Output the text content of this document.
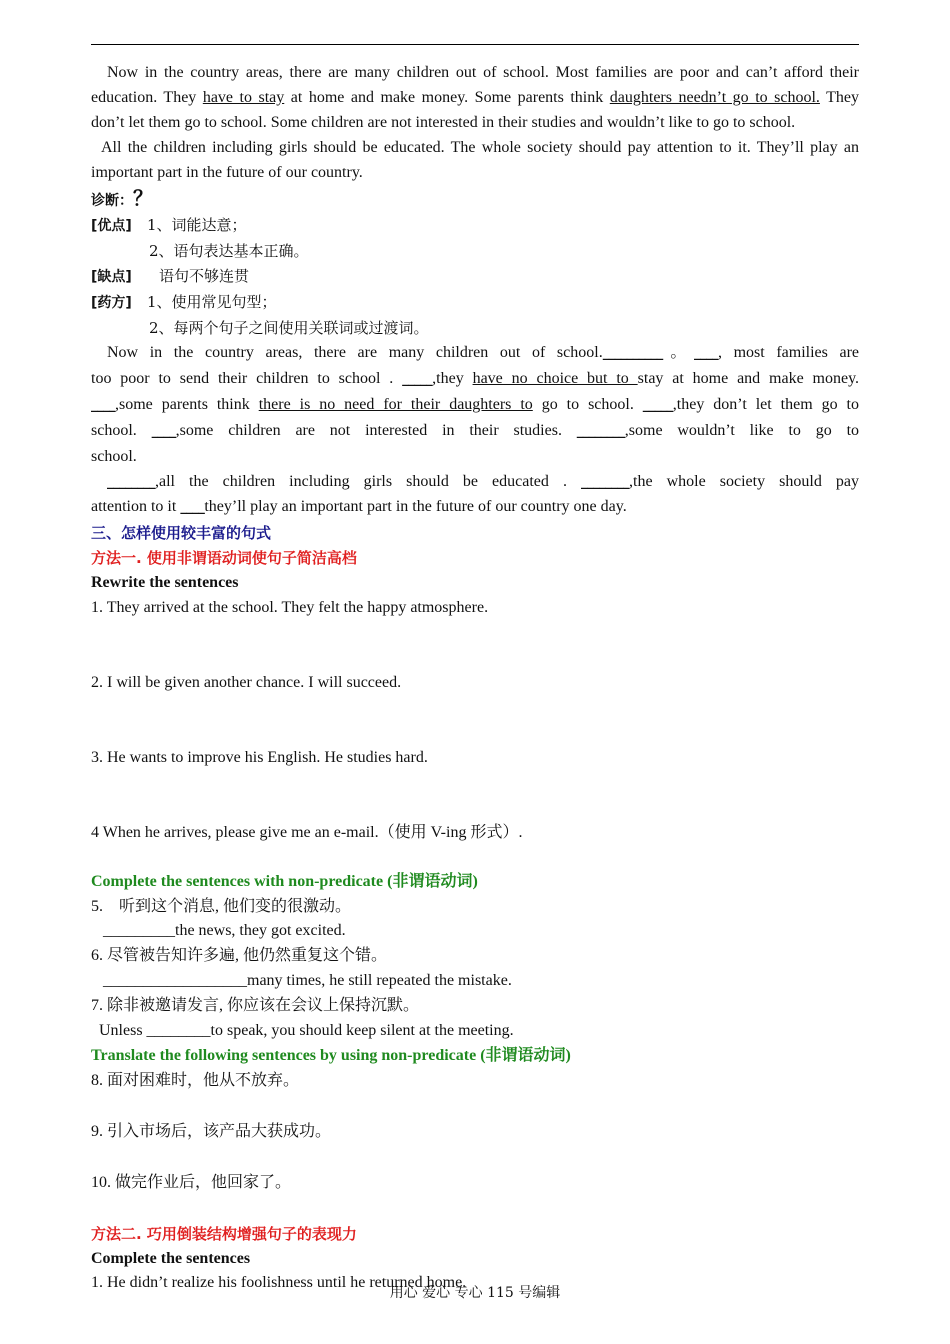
Now in the country areas, there are many children out of school. Most families are poor and can’t afford their
education. They have to stay at home and make money. Some parents think daughters needn’t go to school. They
don’t let them go to school. Some children are not interested in their studies and wouldn’t like to go to school.
All the children including girls should be educated. The whole society should pay attention to it. They’ll play an
important part in the future of our country.
诊断：？
[优点] 1、词能达意；
2、语句表达基本正确。
[缺点] 语句不够连贯
[药方] 1、使用常见句型；
2、每两个句子之间使用关联词或过渡词。
Now in the country areas, there are many children out of school.__________。____, most families are
too poor to send their children to school . _____,they have no choice but to stay at home and make money.
____,some parents think there is no need for their daughters to go to school. _____,they don’t let them go to
school. ____,some children are not interested in their studies. ________,some wouldn’t like to go to
school.
________,all the children including girls should be educated . ________,the whole society should pay
attention to it ____they’ll play an important part in the future of our country one day.
三、怎样使用较丰富的句式
方法一. 使用非谓语动词使句子简洁高档
Rewrite the sentences
1. They arrived at the school. They felt the happy atmosphere.
2. I will be given another chance. I will succeed.
3. He wants to improve his English. He studies hard.
4 When he arrives, please give me an e-mail.（使用 V-ing 形式）.
Complete the sentences with non-predicate (非谓语动词)
5.　听到这个消息, 他们变的很激动。
_________the news, they got excited.
6. 尽管被告知许多遍, 他仍然重复这个错。
__________________many times, he still repeated the mistake.
7. 除非被邀请发言, 你应该在会议上保持沉默。
Unless ________to speak, you should keep silent at the meeting.
Translate the following sentences by using non-predicate (非谓语动词)
8. 面对困难时，他从不放弃。
9. 引入市场后，该产品大获成功。
10. 做完作业后，他回家了。
方法二. 巧用倒装结构增强句子的表现力
Complete the sentences
1. He didn’t realize his foolishness until he returned home.
用心 爱心 专心 115 号编辑
